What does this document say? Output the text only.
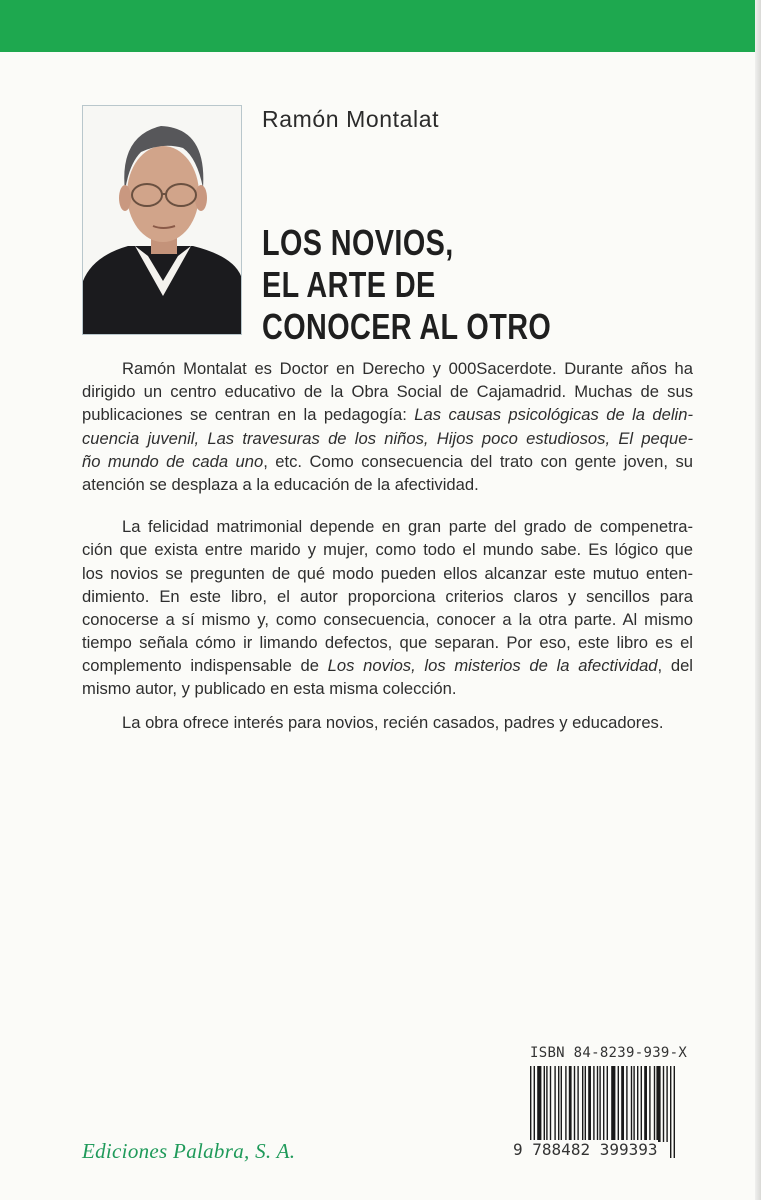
Ramón Montalat
LOS NOVIOS,
EL ARTE DE
CONOCER AL OTRO
Ramón Montalat es Doctor en Derecho y 000Sacerdote. Durante años ha
dirigido un centro educativo de la Obra Social de Cajamadrid. Muchas de sus
publicaciones se centran en la pedagogía: Las causas psicológicas de la delin-
cuencia juvenil, Las travesuras de los niños, Hijos poco estudiosos, El peque-
ño mundo de cada uno, etc. Como consecuencia del trato con gente joven, su
atención se desplaza a la educación de la afectividad.
La felicidad matrimonial depende en gran parte del grado de compenetra-
ción que exista entre marido y mujer, como todo el mundo sabe. Es lógico que
los novios se pregunten de qué modo pueden ellos alcanzar este mutuo enten-
dimiento. En este libro, el autor proporciona criterios claros y sencillos para
conocerse a sí mismo y, como consecuencia, conocer a la otra parte. Al mismo
tiempo señala cómo ir limando defectos, que separan. Por eso, este libro es el
complemento indispensable de Los novios, los misterios de la afectividad, del
mismo autor, y publicado en esta misma colección.
La obra ofrece interés para novios, recién casados, padres y educadores.
ISBN 84-8239-939-X
9 788482 399393
Ediciones Palabra, S. A.
